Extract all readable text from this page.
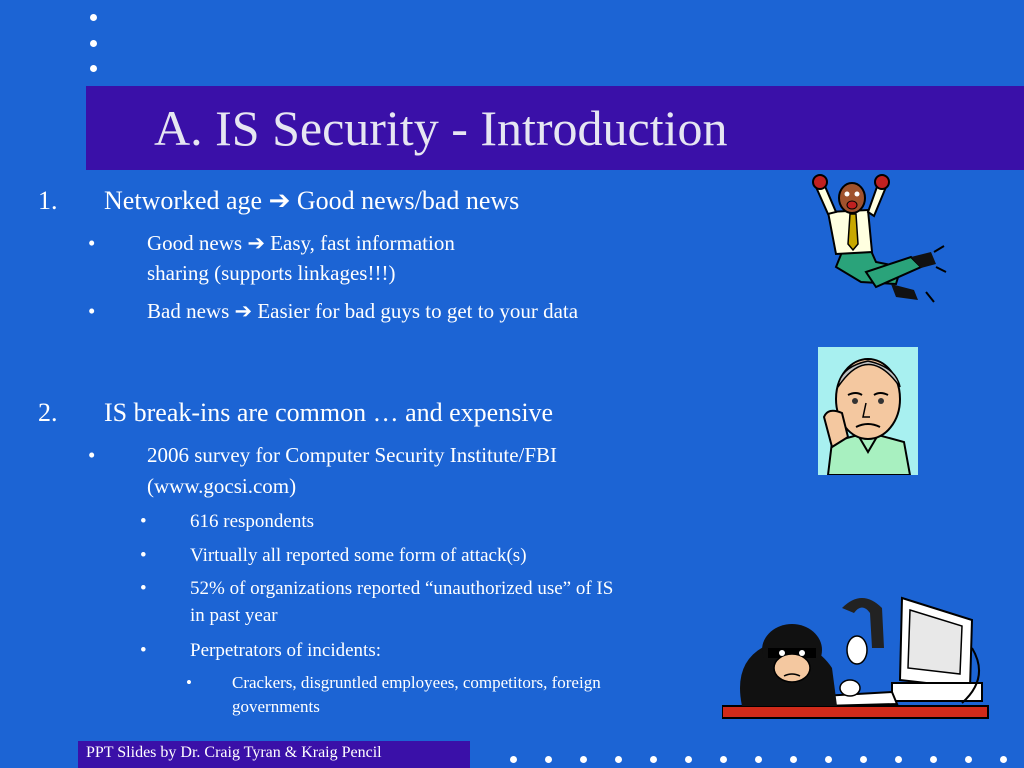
A. IS Security - Introduction
1. Networked age ➔ Good news/bad news
• Good news ➔ Easy, fast information
sharing (supports linkages!!!)
• Bad news ➔ Easier for bad guys to get to your data
2. IS break-ins are common … and expensive
• 2006 survey for Computer Security Institute/FBI
(www.gocsi.com)
• 616 respondents
• Virtually all reported some form of attack(s)
• 52% of organizations reported “unauthorized use” of IS
in past year
• Perpetrators of incidents:
• Crackers, disgruntled employees, competitors, foreign
governments
PPT Slides by Dr. Craig Tyran & Kraig Pencil
